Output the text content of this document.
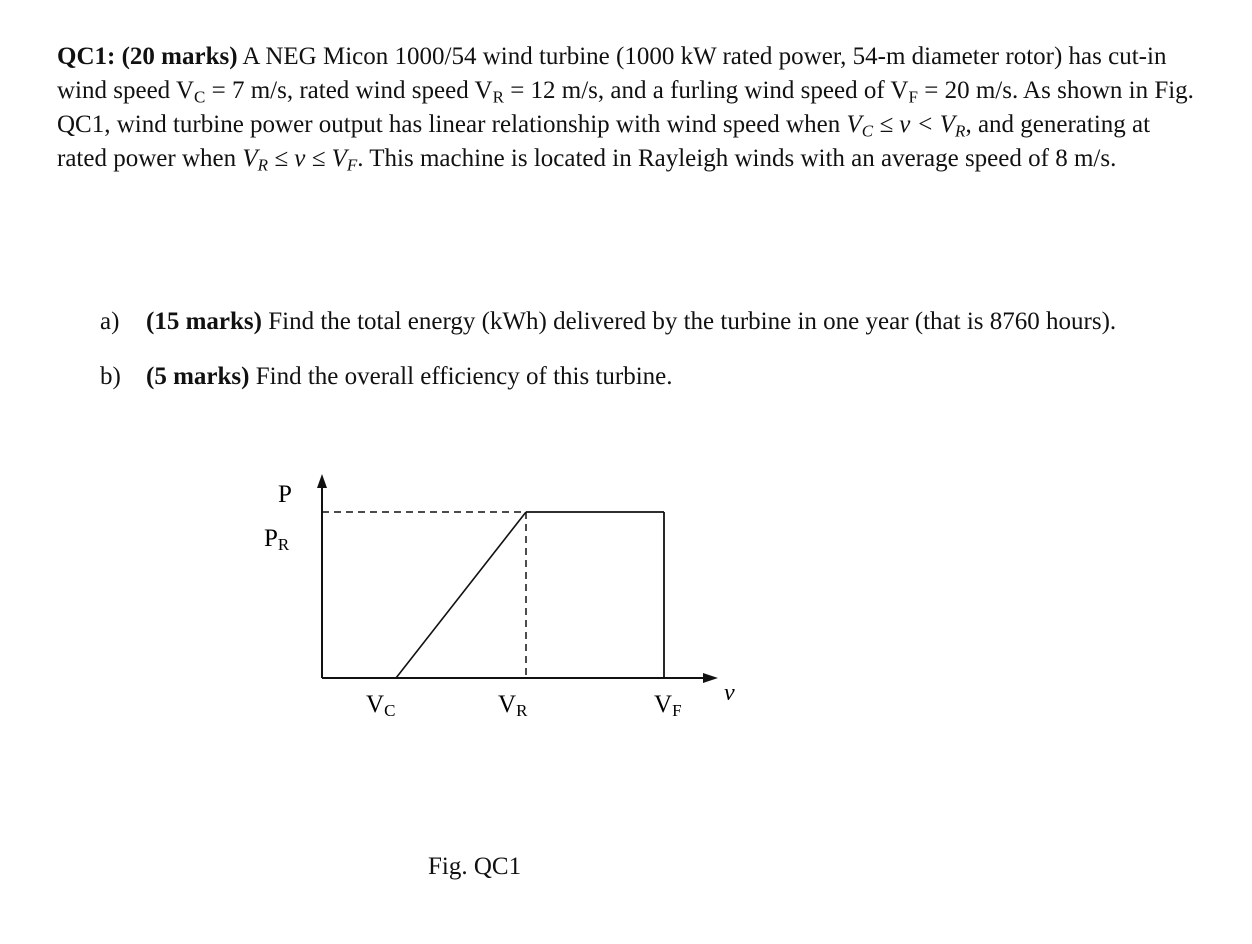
QC1: (20 marks) A NEG Micon 1000/54 wind turbine (1000 kW rated power, 54-m diameter rotor) has cut-in wind speed $V_C = 7$ m/s, rated wind speed $V_R = 12$ m/s, and a furling wind speed of $V_F = 20$ m/s. As shown in Fig. QC1, wind turbine power output has linear relationship with wind speed when $V_C \le v < V_R$, and generating at rated power when $V_R \le v \le V_F$. This machine is located in Rayleigh winds with an average speed of 8 m/s.

a)	(15 marks) Find the total energy (kWh) delivered by the turbine in one year (that is 8760 hours).
b)	(5 marks) Find the overall efficiency of this turbine.
P
PR
VC	VR	VF
v
Fig. QC1
